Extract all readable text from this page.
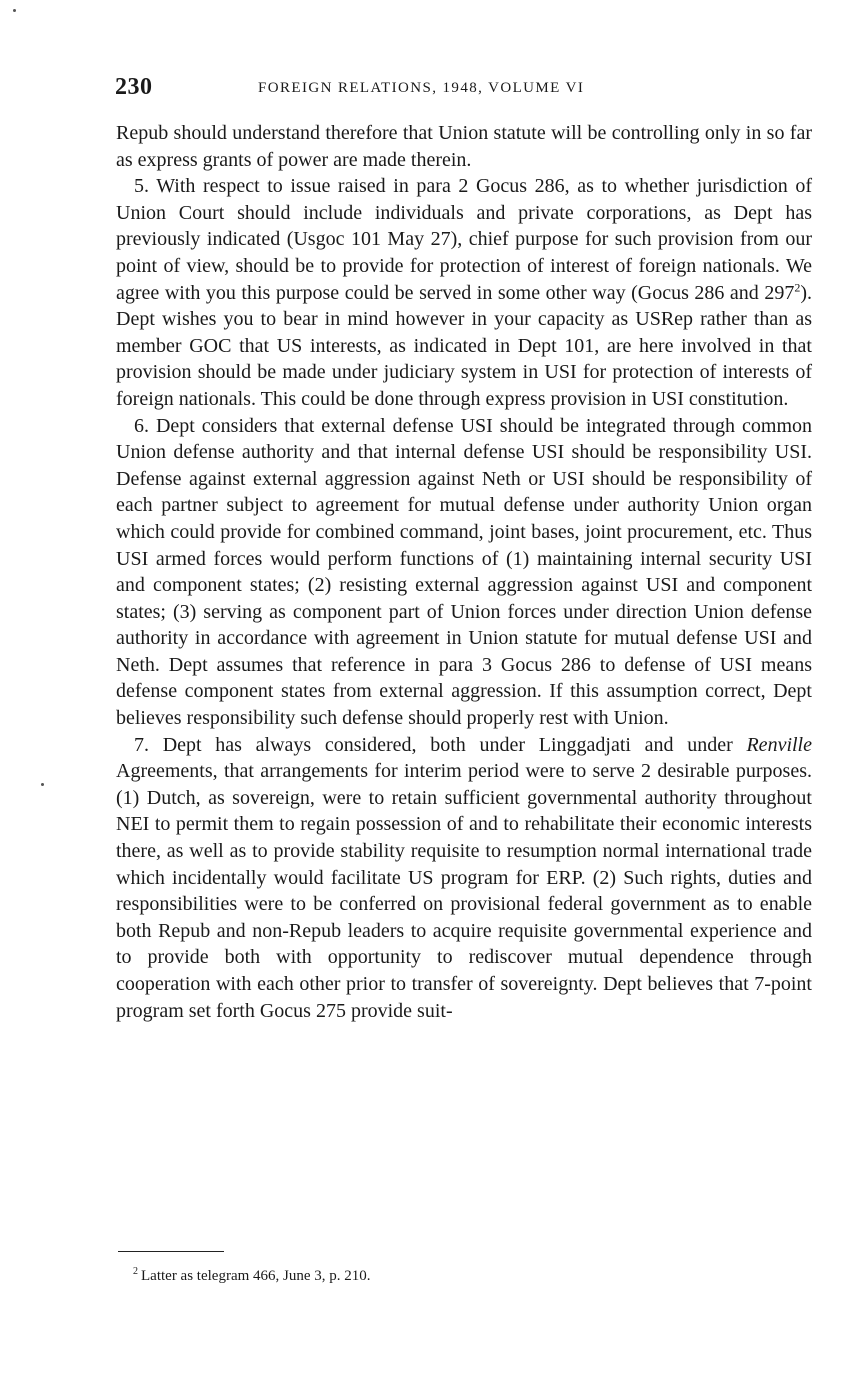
230	FOREIGN RELATIONS, 1948, VOLUME VI

Repub should understand therefore that Union statute will be controlling only in so far as express grants of power are made therein.

5. With respect to issue raised in para 2 Gocus 286, as to whether jurisdiction of Union Court should include individuals and private corporations, as Dept has previously indicated (Usgoc 101 May 27), chief purpose for such provision from our point of view, should be to provide for protection of interest of foreign nationals. We agree with you this purpose could be served in some other way (Gocus 286 and 297$^2$). Dept wishes you to bear in mind however in your capacity as USRep rather than as member GOC that US interests, as indicated in Dept 101, are here involved in that provision should be made under judiciary system in USI for protection of interests of foreign nationals. This could be done through express provision in USI constitution.

6. Dept considers that external defense USI should be integrated through common Union defense authority and that internal defense USI should be responsibility USI. Defense against external aggression against Neth or USI should be responsibility of each partner subject to agreement for mutual defense under authority Union organ which could provide for combined command, joint bases, joint procurement, etc. Thus USI armed forces would perform functions of (1) maintaining internal security USI and component states; (2) resisting external aggression against USI and component states; (3) serving as component part of Union forces under direction Union defense authority in accordance with agreement in Union statute for mutual defense USI and Neth. Dept assumes that reference in para 3 Gocus 286 to defense of USI means defense component states from external aggression. If this assumption correct, Dept believes responsibility such defense should properly rest with Union.

7. Dept has always considered, both under Linggadjati and under Renville Agreements, that arrangements for interim period were to serve 2 desirable purposes. (1) Dutch, as sovereign, were to retain sufficient governmental authority throughout NEI to permit them to regain possession of and to rehabilitate their economic interests there, as well as to provide stability requisite to resumption normal international trade which incidentally would facilitate US program for ERP. (2) Such rights, duties and responsibilities were to be conferred on provisional federal government as to enable both Repub and non-Repub leaders to acquire requisite governmental experience and to provide both with opportunity to rediscover mutual dependence through cooperation with each other prior to transfer of sovereignty. Dept believes that 7-point program set forth Gocus 275 provide suit-

$^2$ Latter as telegram 466, June 3, p. 210.
